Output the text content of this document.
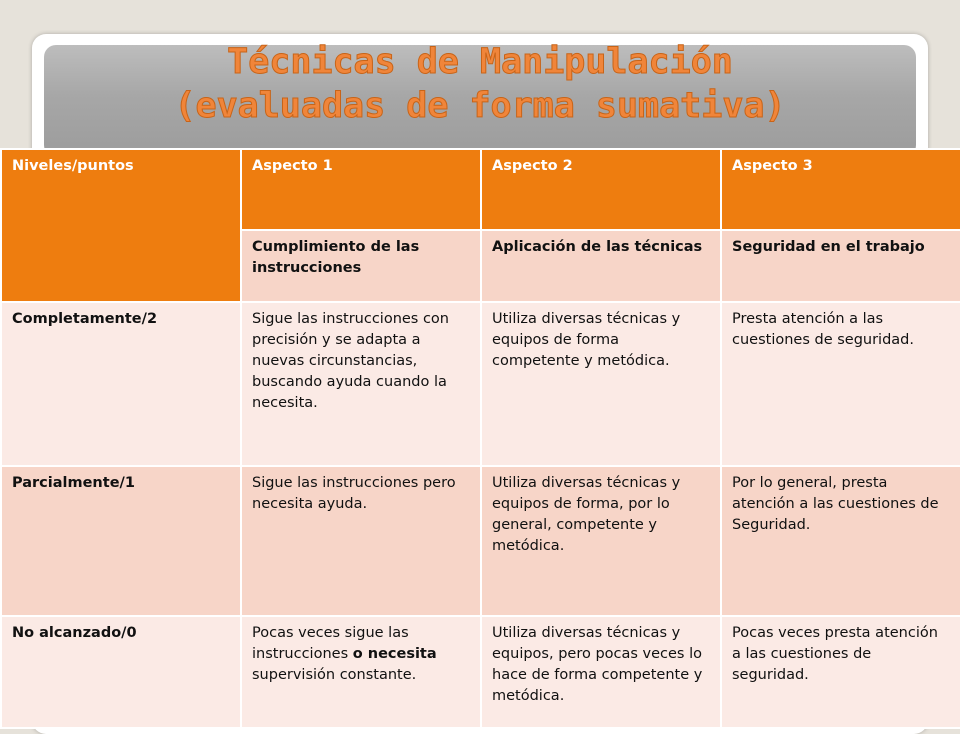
Técnicas de Manipulación
(evaluadas de forma sumativa)
Niveles/puntos	Aspecto 1	Aspecto 2	Aspecto 3
	Cumplimiento de las instrucciones	Aplicación de las técnicas	Seguridad en el trabajo
Completamente/2	Sigue las instrucciones con precisión y se adapta a nuevas circunstancias, buscando ayuda cuando la necesita.	Utiliza diversas técnicas y equipos de forma competente y metódica.	Presta atención a las cuestiones de seguridad.
Parcialmente/1	Sigue las instrucciones pero necesita ayuda.	Utiliza diversas técnicas y equipos de forma, por lo general, competente y metódica.	Por lo general, presta atención a las cuestiones de Seguridad.
No alcanzado/0	Pocas veces sigue las instrucciones o necesita supervisión constante.	Utiliza diversas técnicas y equipos, pero pocas veces lo hace de forma competente y metódica.	Pocas veces presta atención a las cuestiones de seguridad.
